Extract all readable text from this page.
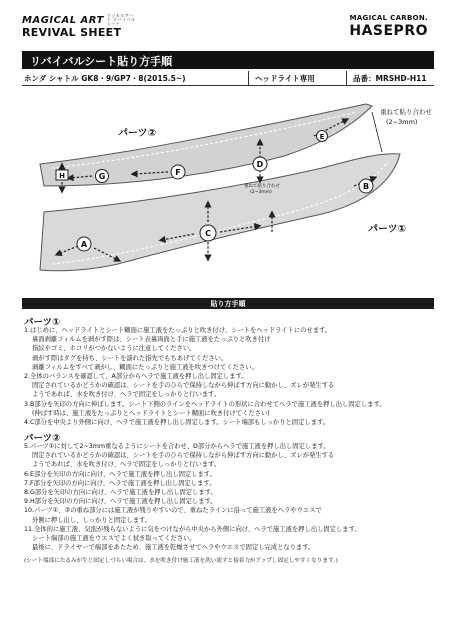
MAGICAL ART マジカルアート リバイバルシート
REVIVAL SHEET
MAGICAL CARBON.
HASEPRO
リバイバルシート貼り方手順
ホンダ シャトル GK8・9/GP7・8(2015.5~)	ヘッドライト専用	品番：MRSHD-H11
A
B
C
D
E
F
G
H
重ねて貼り合わせ
(2~3mm)
重ねて貼り合わせ
(2~3mm)
パーツ②
パーツ①
貼り方手順
パーツ①
1.はじめに、ヘッドライトとシート糊面に施工液をたっぷりと吹き付け、シートをヘッドライトにのせます。
裏面剥離フィルムを剥がす際は、シート表裏両面と手に施工液をたっぷりと吹き付け
指紋やゴミ、ホコリがつかないように注意してください。
剥がす際はタグを持ち、シートを濡れた指先でもちあげてください。
剥離フィルムをすべて剥がし、糊面にたっぷりと施工液を吹きつけてください。
2.全体のバランスを確認して、A部分からヘラで施工液を押し出し固定します。
固定されているかどうかの確認は、シートを手のひらで保持しながら伸ばす方向に動かし、ズレが発生する
ようであれば、水を吹き付け、ヘラで固定をしっかりと行います。
3.B部分を矢印の方向に伸ばします。シート下側のラインをヘッドライトの形状に合わせてヘラで施工液を押し出し固定します。
(伸ばす時は、施工液をたっぷりとヘッドライトとシート糊面に吹き付けてください)
4.C部分を中央より外側に向け、ヘラで施工液を押し出し固定します。シート端部もしっかりと固定します。
パーツ②
5.パーツ①に対して2~3mm重なるようにシートを合わせ、D部分からヘラで施工液を押し出し固定します。
固定されているかどうかの確認は、シートを手のひらで保持しながら伸ばす方向に動かし、ズレが発生する
ようであれば、水を吹き付け、ヘラで固定をしっかりと行います。
6.E部分を矢印の方向に向け、ヘラで施工液を押し出し固定します。
7.F部分を矢印の方向に向け、ヘラで施工液を押し出し固定します。
8.G部分を矢印の方向に向け、ヘラで施工液を押し出し固定します。
9.H部分を矢印の方向に向け、ヘラで施工液を押し出し固定します。
10.パーツ①、②の重ね部分には施工液が残りやすいので、重ねたラインに沿って施工液をヘラやウエスで
外側に押し出し、しっかりと固定します。
11.全体的に施工液、気泡が残らないように気をつけながら中央から外側に向け、ヘラで施工液を押し出し固定します。
シート端部の施工液をウエスでよく拭き取ってください。
最後に、ドライヤーで端部をあたため、施工液を乾燥させてヘラやウエスで固定し完成となります。
(シート端部にたるみが生じ固定しづらい場合は、水を吹き付け施工液を洗い流すと接着力がアップし固定しやすくなります。)
